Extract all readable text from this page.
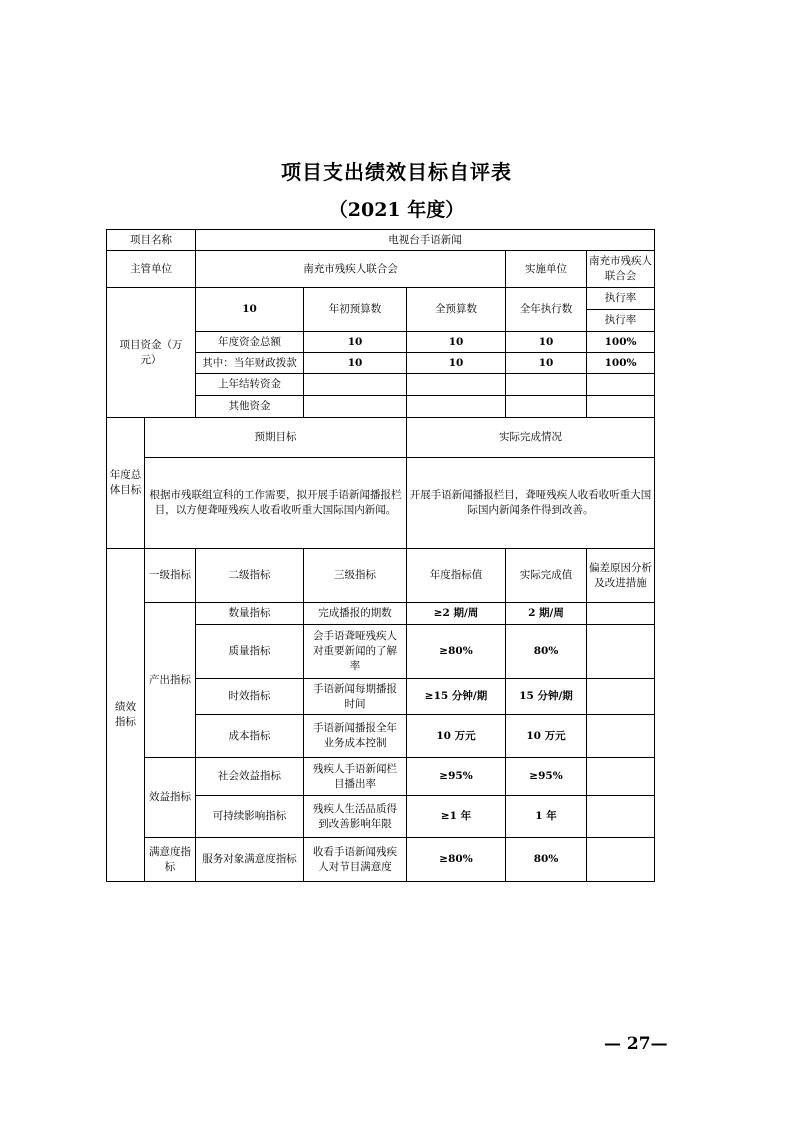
项目支出绩效目标自评表
（2021 年度）
项目名称		电视台手语新闻				
主管单位		南充市残疾人联合会			实施单位	南充市残疾人联合会
项目资金（万元）		10	年初预算数	全预算数	全年执行数	执行率
						执行率
		年度资金总额	10	10	10	100%
		其中：当年财政拨款	10	10	10	100%
		上年结转资金				
		其他资金				
年度总体目标	预期目标			实际完成情况		
	根据市残联组宣科的工作需要，拟开展手语新闻播报栏目，以方便聋哑残疾人收看收听重大国际国内新闻。			开展手语新闻播报栏目，聋哑残疾人收看收听重大国际国内新闻条件得到改善。		
绩效指标	一级指标	二级指标	三级指标	年度指标值	实际完成值	偏差原因分析及改进措施
	产出指标	数量指标	完成播报的期数	≥2 期/周	2 期/周	
		质量指标	会手语聋哑残疾人对重要新闻的了解率	≥80%	80%	
		时效指标	手语新闻每期播报时间	≥15 分钟/期	15 分钟/期	
		成本指标	手语新闻播报全年业务成本控制	10 万元	10 万元	
	效益指标	社会效益指标	残疾人手语新闻栏目播出率	≥95%	≥95%	
		可持续影响指标	残疾人生活品质得到改善影响年限	≥1 年	1 年	
	满意度指标	服务对象满意度指标	收看手语新闻残疾人对节目满意度	≥80%	80%	
— 27—
